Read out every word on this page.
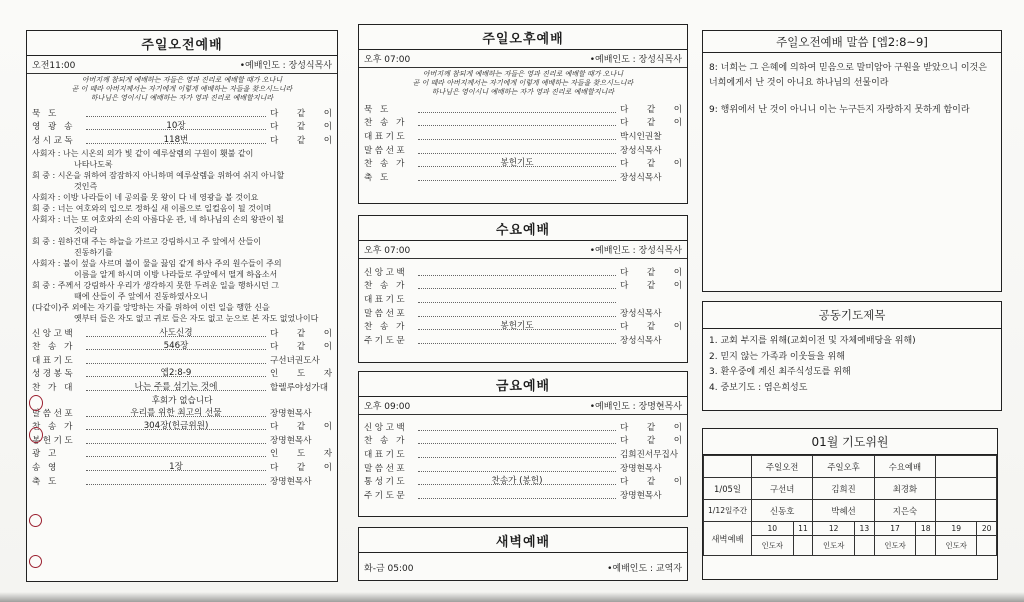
주일오전예배
오전11:00	•예배인도 : 장성식목사
아버지께 참되게 예배하는 자들은 영과 진리로 예배할 때가 오나니
곧 이 때라 아버지께서는 자기에게 이렇게 예배하는 자들을 찾으시느니라
하나님은 영이시니 예배하는 자가 영과 진리로 예배할지니라
묵 도	다 같 이
영 광 송	10장	다 같 이
성시교독	118번	다 같 이
사회자 : 나는 시온의 의가 빛 같이 예루살렘의 구원이 횃불 같이
나타나도록
회 중 : 시온을 위하여 잠잠하지 아니하며 예루살렘을 위하여 쉬지 아니할
것인즉
사회자 : 이방 나라들이 네 공의를 못 왕이 다 네 영광을 볼 것이요
회 중 : 너는 여호와의 입으로 정하실 새 이름으로 일컬음이 될 것이며
사회자 : 너는 또 여호와의 손의 아름다운 관, 네 하나님의 손의 왕관이 될
것이라
회 중 : 원하건대 주는 하늘을 가르고 강림하시고 주 앞에서 산들이
진동하기를
사회자 : 불이 섶을 사르며 불이 물을 끓임 같게 하사 주의 원수들이 주의
이름을 알게 하시며 이방 나라들로 주앞에서 떨게 하옵소서
회 중 : 주께서 강림하사 우리가 생각하지 못한 두려운 일을 행하시던 그
때에 산들이 주 앞에서 진동하였사오니
(다같이)주 외에는 자기를 앙망하는 자를 위하여 이런 일을 행한 신을
옛부터 들은 자도 없고 귀로 들은 자도 없고 눈으로 본 자도 없었나이다
신앙고백	사도신경	다 같 이
찬 송 가	546장	다 같 이
대표기도	구선녀권도사
성경봉독	엡2:8-9	인 도 자
찬 가 대	나는 주를 섬기는 것에	할렐루야성가대
후회가 없습니다
말씀선포	우리를 위한 최고의 선물	장명현목사
찬 송 가	304장(헌금위원)	다 같 이
봉헌기도	장명현목사
광 고	인 도 자
송 영	1장	다 같 이
축 도	장명현목사
주일오후예배
오후 07:00	•예배인도 : 장성식목사
아버지께 참되게 예배하는 자들은 영과 진리로 예배할 때가 오나니
곧 이 때라 아버지께서는 자기에게 이렇게 예배하는 자들을 찾으시느니라
하나님은 영이시니 예배하는 자가 영과 진리로 예배할지니라
묵 도	다 같 이
찬 송 가	다 같 이
대표기도	박시인권찰
말씀선포	장성식목사
찬 송 가	봉헌기도	다 같 이
축 도	장성식목사
수요예배
오후 07:00	•예배인도 : 장성식목사
신앙고백	다 같 이
찬 송 가	다 같 이
대표기도
말씀선포	장성식목사
찬 송 가	봉헌기도	다 같 이
주기도문	장성식목사
금요예배
오후 09:00	•예배인도 : 장명현목사
신앙고백	다 같 이
찬 송 가	다 같 이
대표기도	김희진서무집사
말씀선포	장명현목사
통성기도	찬송가 (봉헌)	다 같 이
주기도문	장명현목사
새벽예배
화-금 05:00	•예배인도 : 교역자
주일오전예배 말씀 [엡2:8~9]

8: 너희는 그 은혜에 의하여 믿음으로 말미암아 구원을 받았으니 이것은 너희에게서 난 것이 아니요 하나님의 선물이라

9: 행위에서 난 것이 아니니 이는 누구든지 자랑하지 못하게 함이라

공동기도제목
1. 교회 부지를 위해(교회이전 및 자체예배당을 위해)
2. 믿지 않는 가족과 이웃들을 위해
3. 환우중에 계신 최주식성도를 위해
4. 중보기도 : 염은희성도
01월 기도위원
	주일오전		주일오후		수요예배			
1/05일	구선녀		김희진		최경화			
1/12일주간	신동호		박혜선		지은숙			
새벽예배	10	11	12	13	17	18	19	20
	인도자		인도자		인도자		인도자	
